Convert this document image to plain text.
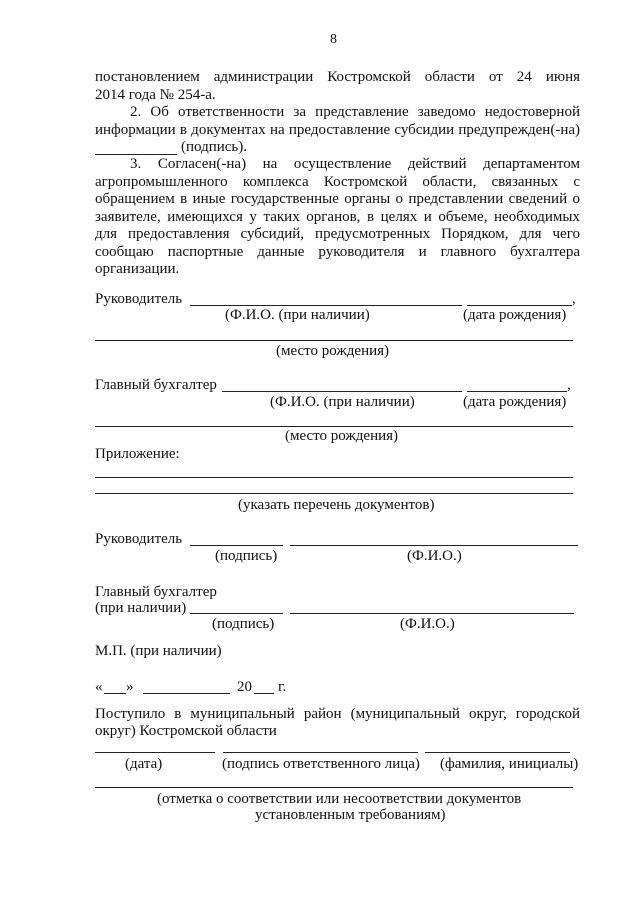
8
постановлением администрации Костромской области от 24 июня
2014 года № 254-а.
2. Об ответственности за представление заведомо недостоверной
информации в документах на предоставление субсидии предупрежден(-на)
(подпись).
3. Согласен(-на) на осуществление действий департаментом
агропромышленного комплекса Костромской области, связанных с
обращением в иные государственные органы о представлении сведений о
заявителе, имеющихся у таких органов, в целях и объеме, необходимых
для предоставления субсидий, предусмотренных Порядком, для чего
сообщаю паспортные данные руководителя и главного бухгалтера
организации.
Руководитель	,
(Ф.И.О. (при наличии)	(дата рождения)
(место рождения)
Главный бухгалтер	,
(Ф.И.О. (при наличии)	(дата рождения)
(место рождения)
Приложение:
(указать перечень документов)
Руководитель
(подпись)	(Ф.И.О.)
Главный бухгалтер
(при наличии)
(подпись)	(Ф.И.О.)
М.П. (при наличии)
« »	20 г.
Поступило в муниципальный район (муниципальный округ, городской
округ) Костромской области
(дата)	(подпись ответственного лица) (фамилия, инициалы)
(отметка о соответствии или несоответствии документов
установленным требованиям)
